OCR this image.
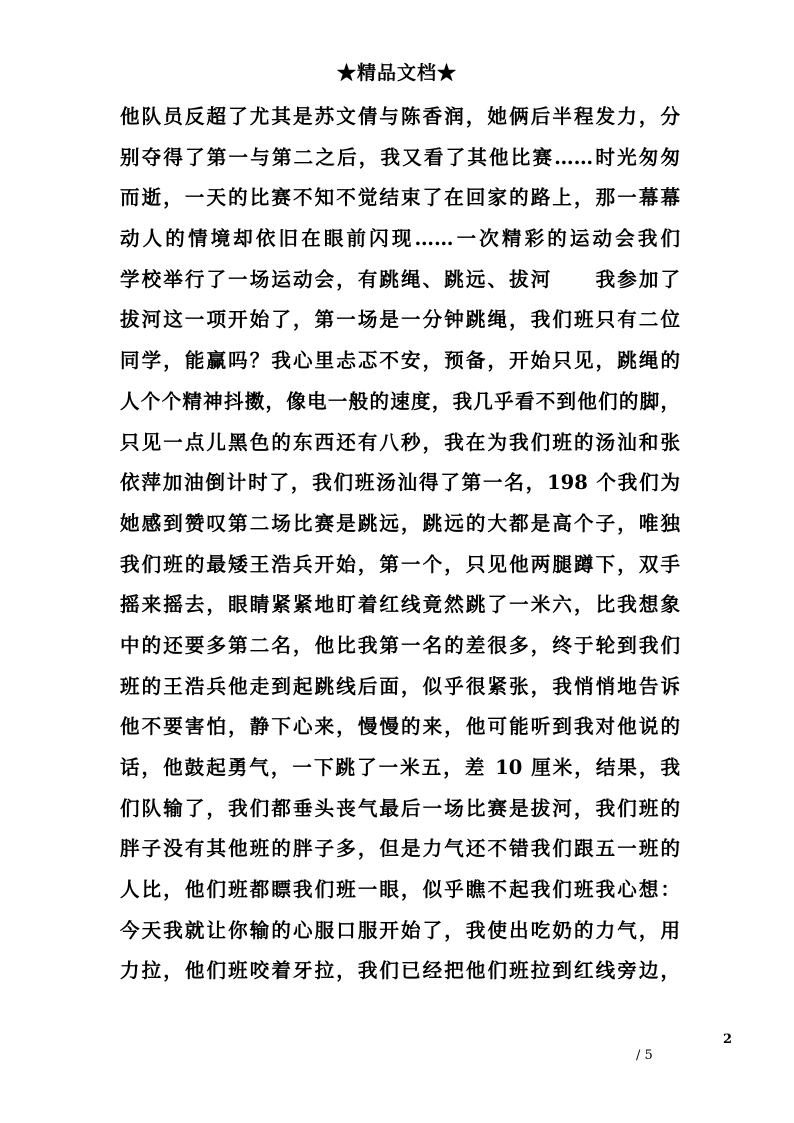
★精品文档★
他队员反超了尤其是苏文倩与陈香润，她俩后半程发力，分
别夺得了第一与第二之后，我又看了其他比赛……时光匆匆
而逝，一天的比赛不知不觉结束了在回家的路上，那一幕幕
动人的情境却依旧在眼前闪现……一次精彩的运动会我们
学校举行了一场运动会，有跳绳、跳远、拔河　　我参加了
拔河这一项开始了，第一场是一分钟跳绳，我们班只有二位
同学，能赢吗？我心里忐忑不安，预备，开始只见，跳绳的
人个个精神抖擞，像电一般的速度，我几乎看不到他们的脚，
只见一点儿黑色的东西还有八秒，我在为我们班的汤汕和张
依萍加油倒计时了，我们班汤汕得了第一名，198 个我们为
她感到赞叹第二场比赛是跳远，跳远的大都是高个子，唯独
我们班的最矮王浩兵开始，第一个，只见他两腿蹲下，双手
摇来摇去，眼睛紧紧地盯着红线竟然跳了一米六，比我想象
中的还要多第二名，他比我第一名的差很多，终于轮到我们
班的王浩兵他走到起跳线后面，似乎很紧张，我悄悄地告诉
他不要害怕，静下心来，慢慢的来，他可能听到我对他说的
话，他鼓起勇气，一下跳了一米五，差 10 厘米，结果，我
们队输了，我们都垂头丧气最后一场比赛是拔河，我们班的
胖子没有其他班的胖子多，但是力气还不错我们跟五一班的
人比，他们班都瞟我们班一眼，似乎瞧不起我们班我心想：
今天我就让你输的心服口服开始了，我使出吃奶的力气，用
力拉，他们班咬着牙拉，我们已经把他们班拉到红线旁边，
2
/ 5
